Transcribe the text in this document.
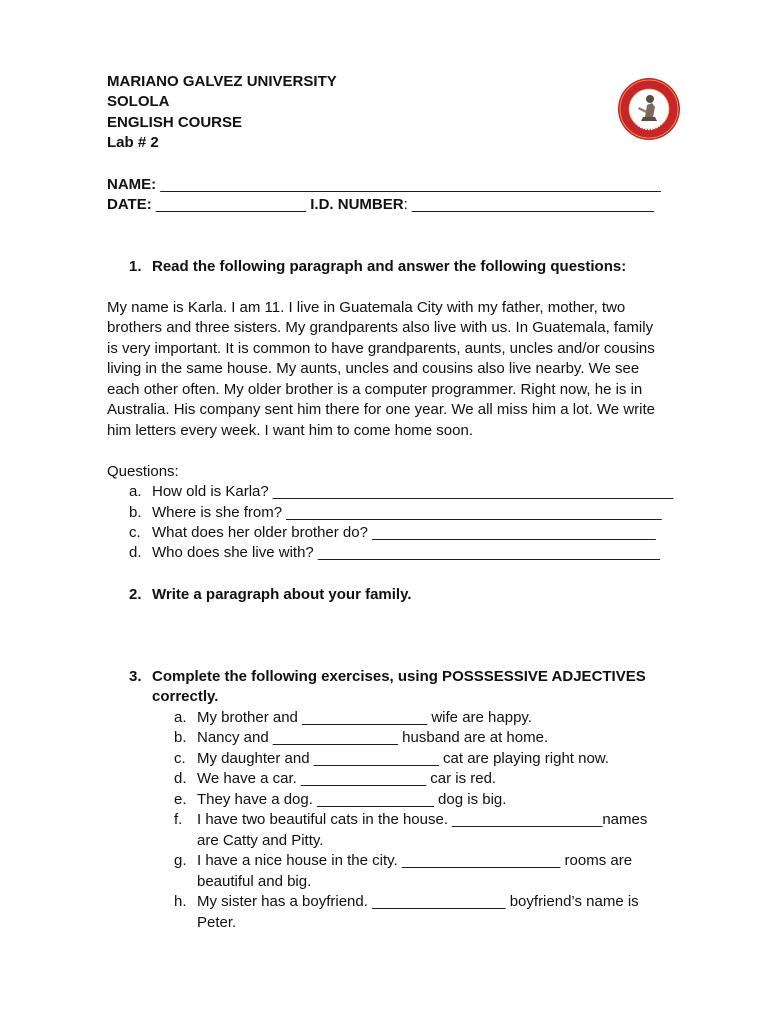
MARIANO GALVEZ UNIVERSITY
SOLOLA
ENGLISH COURSE
Lab # 2
NAME: ____________________________________________________________
DATE: __________________ I.D. NUMBER: _____________________________
1. Read the following paragraph and answer the following questions:
My name is Karla. I am 11. I live in Guatemala City with my father, mother, two
brothers and three sisters. My grandparents also live with us. In Guatemala, family
is very important. It is common to have grandparents, aunts, uncles and/or cousins
living in the same house. My aunts, uncles and cousins also live nearby. We see
each other often. My older brother is a computer programmer. Right now, he is in
Australia. His company sent him there for one year. We all miss him a lot. We write
him letters every week. I want him to come home soon.
Questions:
a. How old is Karla? ________________________________________________
b. Where is she from? _____________________________________________
c. What does her older brother do? __________________________________
d. Who does she live with? _________________________________________
2. Write a paragraph about your family.
3. Complete the following exercises, using POSSSESSIVE ADJECTIVES
correctly.
a. My brother and _______________ wife are happy.
b. Nancy and _______________ husband are at home.
c. My daughter and _______________ cat are playing right now.
d. We have a car. _______________ car is red.
e. They have a dog. ______________ dog is big.
f. I have two beautiful cats in the house. __________________names
are Catty and Pitty.
g. I have a nice house in the city. ___________________ rooms are
beautiful and big.
h. My sister has a boyfriend. ________________ boyfriend’s name is
Peter.
